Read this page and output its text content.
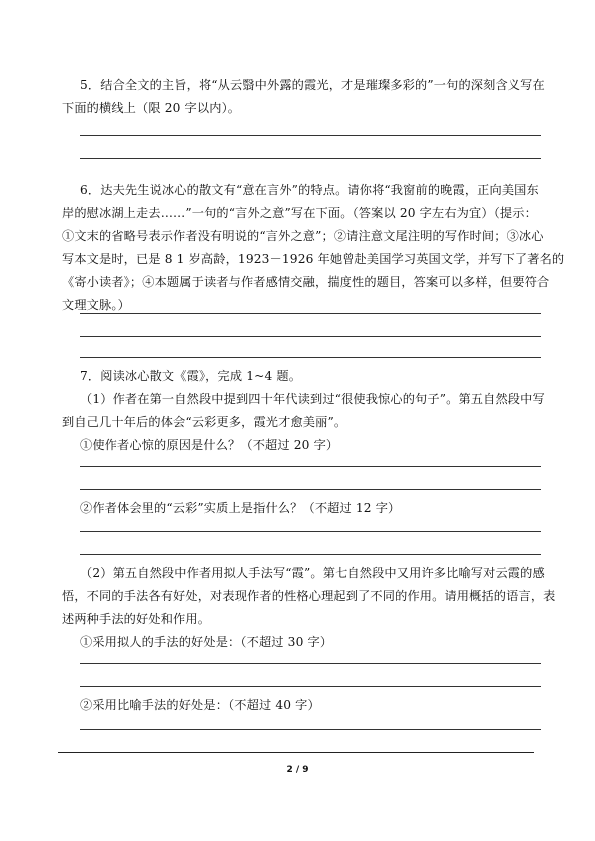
5．结合全文的主旨，将“从云翳中外露的霞光，才是璀璨多彩的”一句的深刻含义写在
下面的横线上（限 20 字以内）。
6．达夫先生说冰心的散文有“意在言外”的特点。请你将“我窗前的晚霞，正向美国东
岸的慰冰湖上走去……”一句的“言外之意”写在下面。（答案以 20 字左右为宜）（提示：
①文末的省略号表示作者没有明说的“言外之意”；②请注意文尾注明的写作时间；③冰心
写本文是时，已是 8 1 岁高龄，1923－1926 年她曾赴美国学习英国文学，并写下了著名的
《寄小读者》；④本题属于读者与作者感情交融，揣度性的题目，答案可以多样，但要符合
文理文脉。）
7．阅读冰心散文《霞》，完成 1~4 题。
（1）作者在第一自然段中提到四十年代读到过“很使我惊心的句子”。第五自然段中写
到自己几十年后的体会“云彩更多，霞光才愈美丽”。
①使作者心惊的原因是什么？（不超过 20 字）
②作者体会里的“云彩”实质上是指什么？（不超过 12 字）
（2）第五自然段中作者用拟人手法写“霞”。第七自然段中又用许多比喻写对云霞的感
悟，不同的手法各有好处，对表现作者的性格心理起到了不同的作用。请用概括的语言，表
述两种手法的好处和作用。
①采用拟人的手法的好处是：（不超过 30 字）
②采用比喻手法的好处是：（不超过 40 字）
2 / 9
